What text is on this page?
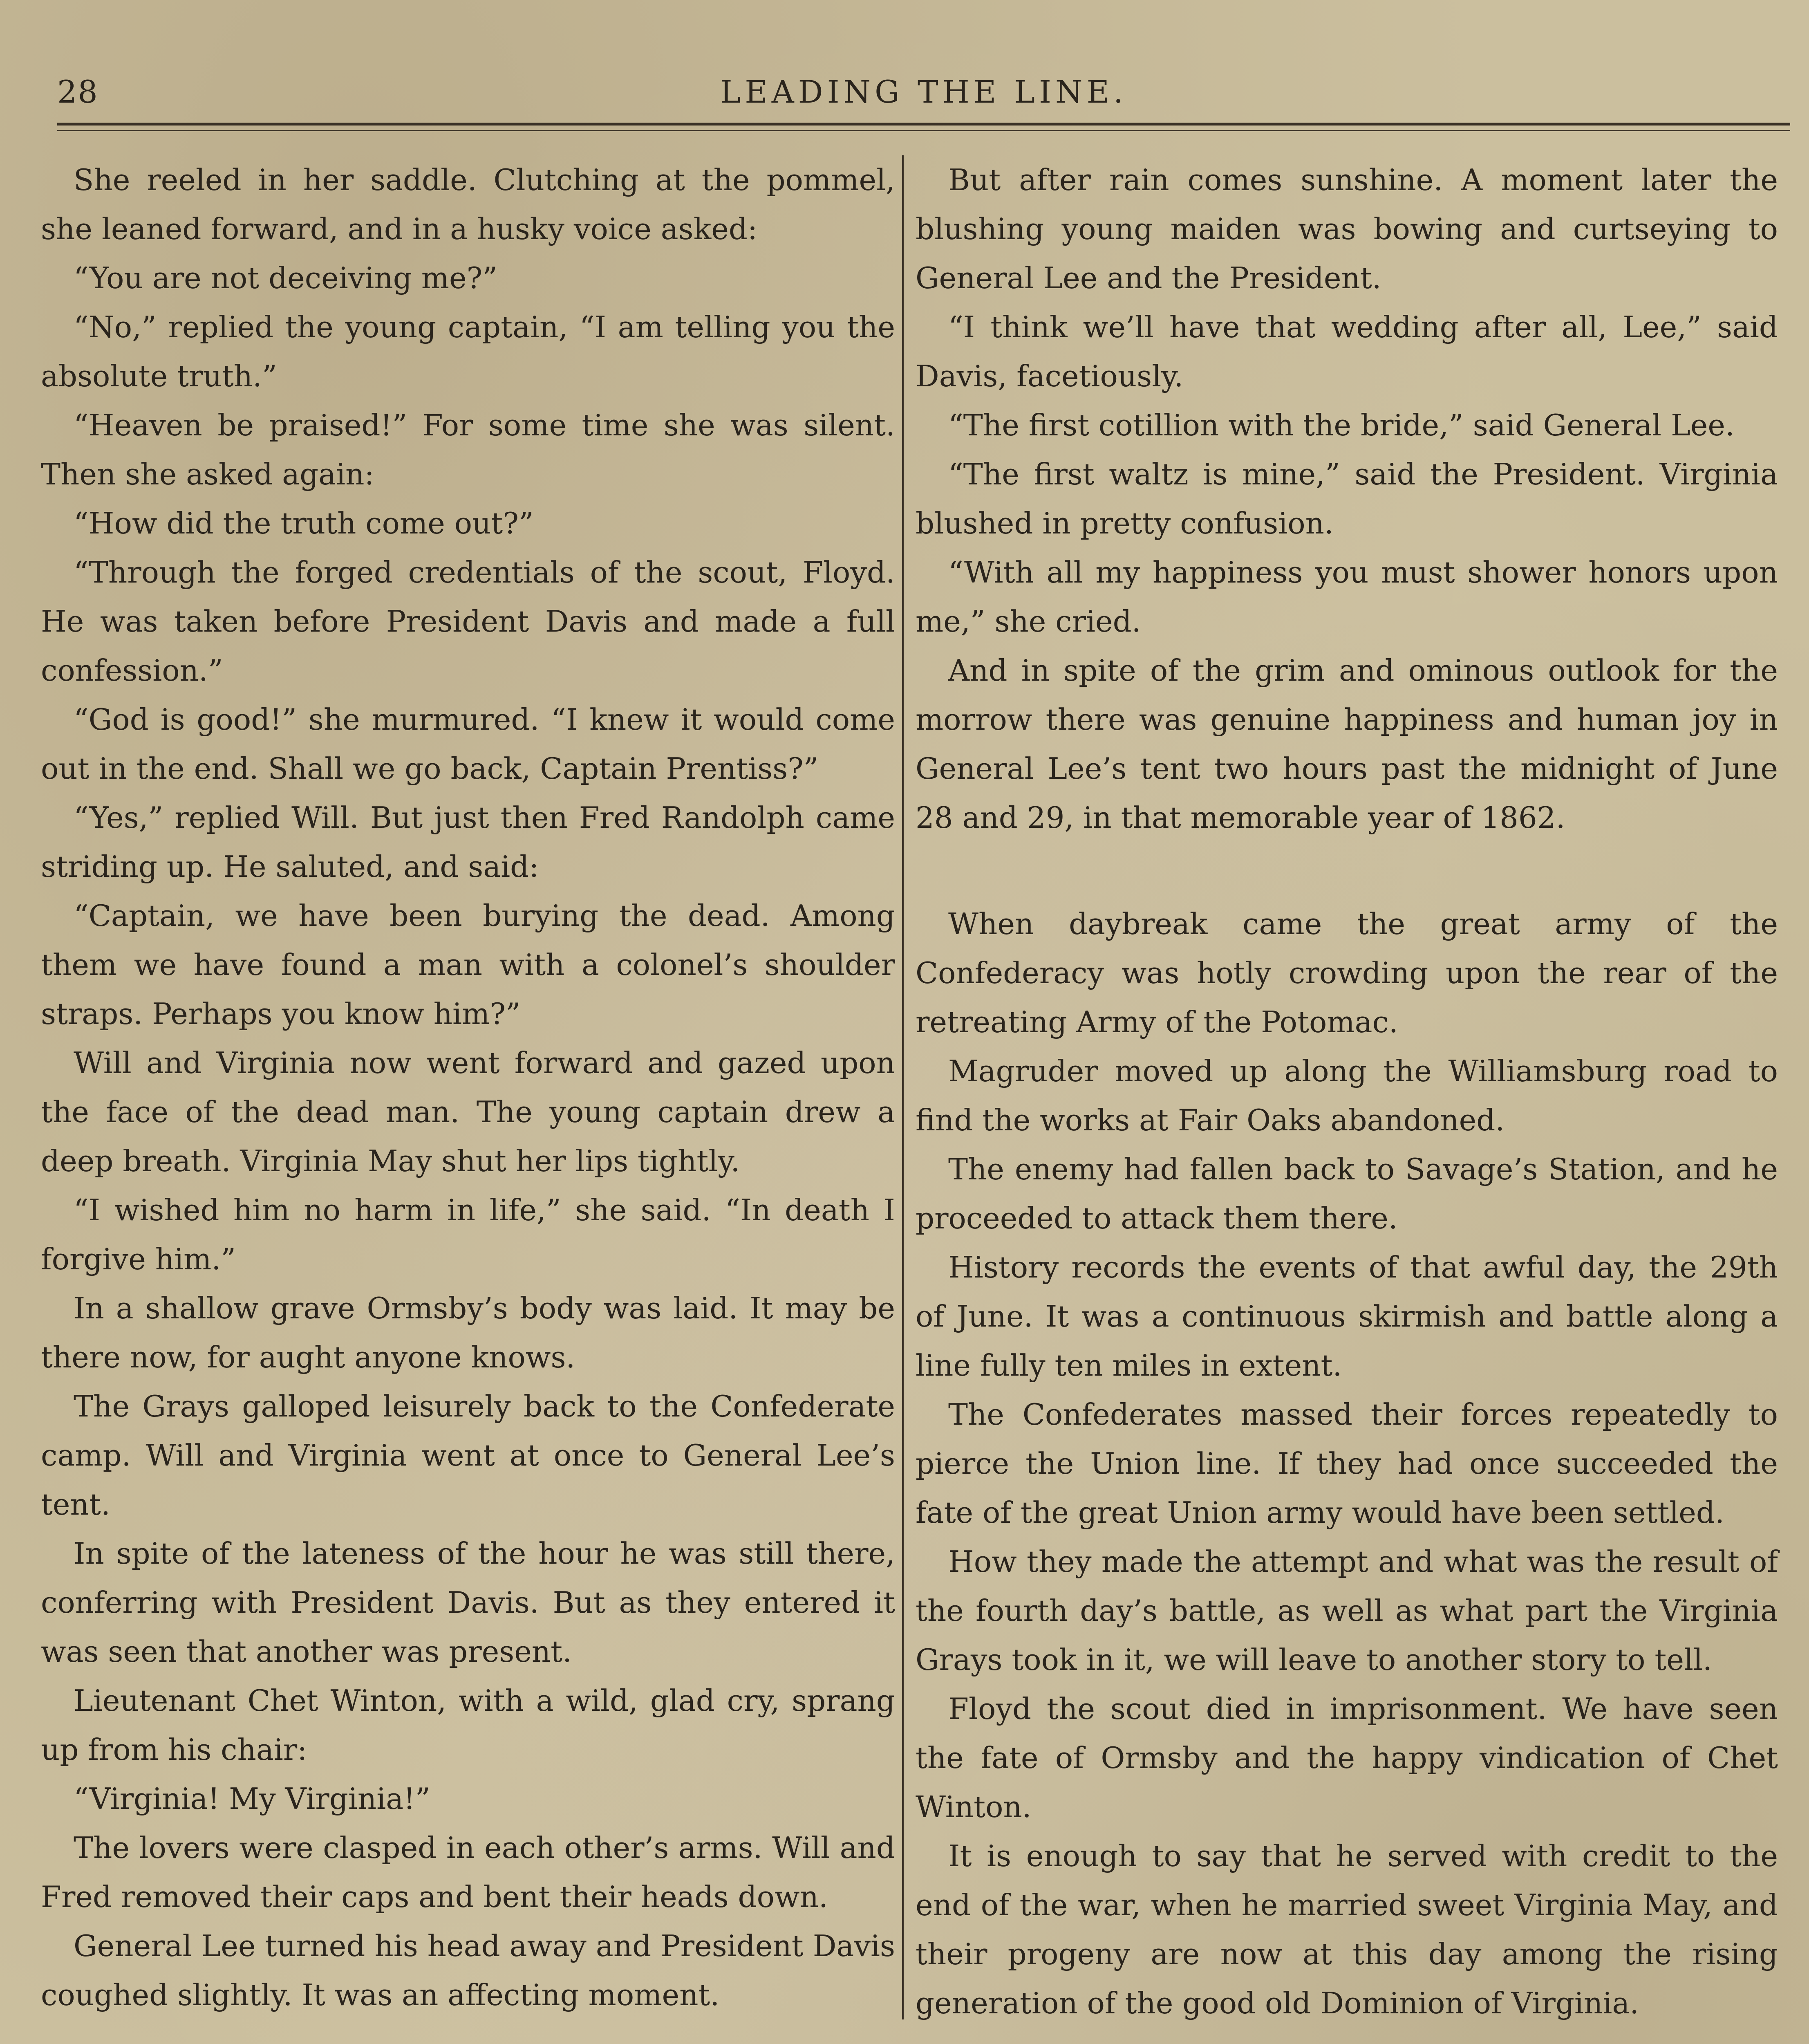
28	LEADING THE LINE.

She reeled in her saddle. Clutching at the pommel, she leaned forward, and in a husky voice asked:

“You are not deceiving me?”

“No,” replied the young captain, “I am telling you the absolute truth.”

“Heaven be praised!” For some time she was silent. Then she asked again:

“How did the truth come out?”

“Through the forged credentials of the scout, Floyd. He was taken before President Davis and made a full confession.”

“God is good!” she murmured. “I knew it would come out in the end. Shall we go back, Captain Prentiss?”

“Yes,” replied Will. But just then Fred Randolph came striding up. He saluted, and said:

“Captain, we have been burying the dead. Among them we have found a man with a colonel’s shoulder straps. Perhaps you know him?”

Will and Virginia now went forward and gazed upon the face of the dead man. The young captain drew a deep breath. Virginia May shut her lips tightly.

“I wished him no harm in life,” she said. “In death I forgive him.”

In a shallow grave Ormsby’s body was laid. It may be there now, for aught anyone knows.

The Grays galloped leisurely back to the Confederate camp. Will and Virginia went at once to General Lee’s tent.

In spite of the lateness of the hour he was still there, conferring with President Davis. But as they entered it was seen that another was present.

Lieutenant Chet Winton, with a wild, glad cry, sprang up from his chair:

“Virginia! My Virginia!”

The lovers were clasped in each other’s arms. Will and Fred removed their caps and bent their heads down.

General Lee turned his head away and President Davis coughed slightly. It was an affecting moment.

But after rain comes sunshine. A moment later the blushing young maiden was bowing and curtseying to General Lee and the President.

“I think we’ll have that wedding after all, Lee,” said Davis, facetiously.

“The first cotillion with the bride,” said General Lee.

“The first waltz is mine,” said the President. Virginia blushed in pretty confusion.

“With all my happiness you must shower honors upon me,” she cried.

And in spite of the grim and ominous outlook for the morrow there was genuine happiness and human joy in General Lee’s tent two hours past the midnight of June 28 and 29, in that memorable year of 1862.

When daybreak came the great army of the Confederacy was hotly crowding upon the rear of the retreating Army of the Potomac.

Magruder moved up along the Williamsburg road to find the works at Fair Oaks abandoned.

The enemy had fallen back to Savage’s Station, and he proceeded to attack them there.

History records the events of that awful day, the 29th of June. It was a continuous skirmish and battle along a line fully ten miles in extent.

The Confederates massed their forces repeatedly to pierce the Union line. If they had once succeeded the fate of the great Union army would have been settled.

How they made the attempt and what was the result of the fourth day’s battle, as well as what part the Virginia Grays took in it, we will leave to another story to tell.

Floyd the scout died in imprisonment. We have seen the fate of Ormsby and the happy vindication of Chet Winton.

It is enough to say that he served with credit to the end of the war, when he married sweet Virginia May, and their progeny are now at this day among the rising generation of the good old Dominion of Virginia.
